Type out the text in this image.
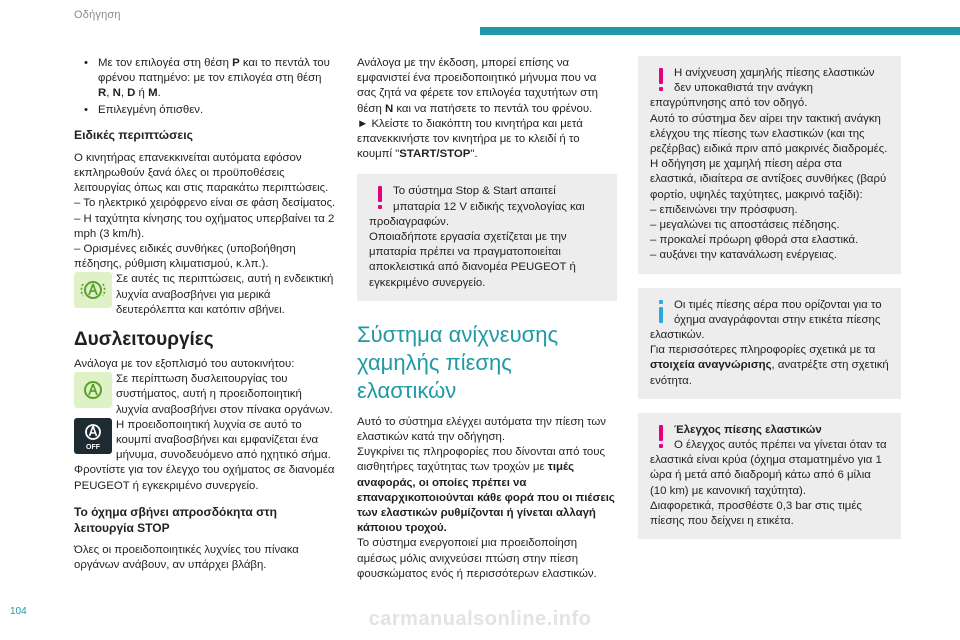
Οδήγηση
• Με τον επιλογέα στη θέση P και το πεντάλ του φρένου πατημένο: με τον επιλογέα στη θέση R, N, D ή M.
• Επιλεγμένη όπισθεν.
Ειδικές περιπτώσεις

Ο κινητήρας επανεκκινείται αυτόματα εφόσον εκπληρωθούν ξανά όλες οι προϋποθέσεις λειτουργίας όπως και στις παρακάτω περιπτώσεις.

– Το ηλεκτρικό χειρόφρενο είναι σε φάση δεσίματος.
– Η ταχύτητα κίνησης του οχήματος υπερβαίνει τα 2 mph (3 km/h).
– Ορισμένες ειδικές συνθήκες (υποβοήθηση πέδησης, ρύθμιση κλιματισμού, κ.λπ.).
Σε αυτές τις περιπτώσεις, αυτή η ενδεικτική λυχνία αναβοσβήνει για μερικά δευτερόλεπτα και κατόπιν σβήνει.
Δυσλειτουργίες

Ανάλογα με τον εξοπλισμό του αυτοκινήτου:

Σε περίπτωση δυσλειτουργίας του συστήματος, αυτή η προειδοποιητική λυχνία αναβοσβήνει στον πίνακα οργάνων.
OFF
Η προειδοποιητική λυχνία σε αυτό το κουμπί αναβοσβήνει και εμφανίζεται ένα μήνυμα, συνοδευόμενο από ηχητικό σήμα.

Φροντίστε για τον έλεγχο του οχήματος σε διανομέα PEUGEOT ή εγκεκριμένο συνεργείο.

Το όχημα σβήνει απροσδόκητα στη λειτουργία STOP

Όλες οι προειδοποιητικές λυχνίες του πίνακα οργάνων ανάβουν, αν υπάρχει βλάβη.

Ανάλογα με την έκδοση, μπορεί επίσης να εμφανιστεί ένα προειδοποιητικό μήνυμα που να σας ζητά να φέρετε τον επιλογέα ταχυτήτων στη θέση N και να πατήσετε το πεντάλ του φρένου.

► Κλείστε το διακόπτη του κινητήρα και μετά επανεκκινήστε τον κινητήρα με το κλειδί ή το κουμπί "START/STOP".

Το σύστημα Stop & Start απαιτεί μπαταρία 12 V ειδικής τεχνολογίας και προδιαγραφών.

Οποιαδήποτε εργασία σχετίζεται με την μπαταρία πρέπει να πραγματοποιείται αποκλειστικά από διανομέα PEUGEOT ή εγκεκριμένο συνεργείο.

Σύστημα ανίχνευσης χαμηλής πίεσης ελαστικών

Αυτό το σύστημα ελέγχει αυτόματα την πίεση των ελαστικών κατά την οδήγηση.

Συγκρίνει τις πληροφορίες που δίνονται από τους αισθητήρες ταχύτητας των τροχών με τιμές αναφοράς, οι οποίες πρέπει να επαναρχικοποιούνται κάθε φορά που οι πιέσεις των ελαστικών ρυθμίζονται ή γίνεται αλλαγή κάποιου τροχού.

Το σύστημα ενεργοποιεί μια προειδοποίηση αμέσως μόλις ανιχνεύσει πτώση στην πίεση φουσκώματος ενός ή περισσότερων ελαστικών.

Η ανίχνευση χαμηλής πίεσης ελαστικών δεν υποκαθιστά την ανάγκη επαγρύπνησης από τον οδηγό.

Αυτό το σύστημα δεν αίρει την τακτική ανάγκη ελέγχου της πίεσης των ελαστικών (και της ρεζέρβας) ειδικά πριν από μακρινές διαδρομές.

Η οδήγηση με χαμηλή πίεση αέρα στα ελαστικά, ιδιαίτερα σε αντίξοες συνθήκες (βαρύ φορτίο, υψηλές ταχύτητες, μακρινό ταξίδι):

– επιδεινώνει την πρόσφυση.
– μεγαλώνει τις αποστάσεις πέδησης.
– προκαλεί πρόωρη φθορά στα ελαστικά.
– αυξάνει την κατανάλωση ενέργειας.

Οι τιμές πίεσης αέρα που ορίζονται για το όχημα αναγράφονται στην ετικέτα πίεσης ελαστικών.

Για περισσότερες πληροφορίες σχετικά με τα στοιχεία αναγνώρισης, ανατρέξτε στη σχετική ενότητα.

Έλεγχος πίεσης ελαστικών

Ο έλεγχος αυτός πρέπει να γίνεται όταν τα ελαστικά είναι κρύα (όχημα σταματημένο για 1 ώρα ή μετά από διαδρομή κάτω από 6 μίλια (10 km) με κανονική ταχύτητα).

Διαφορετικά, προσθέστε 0,3 bar στις τιμές πίεσης που δείχνει η ετικέτα.

104	carmanualsonline.info
